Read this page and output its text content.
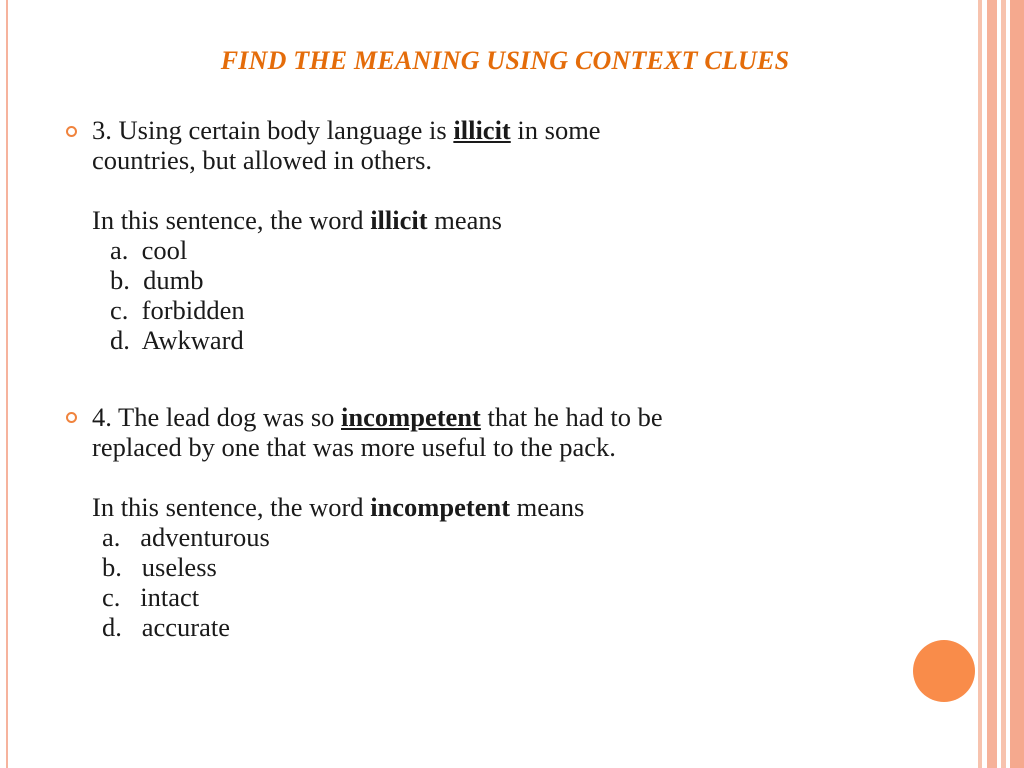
FIND THE MEANING USING CONTEXT CLUES
3. Using certain body language is illicit in some
countries, but allowed in others.
In this sentence, the word illicit means
a.  cool
b.  dumb
c.  forbidden
d.  Awkward
4. The lead dog was so incompetent that he had to be
replaced by one that was more useful to the pack.
In this sentence, the word incompetent means
a.   adventurous
b.   useless
c.   intact
d.   accurate
